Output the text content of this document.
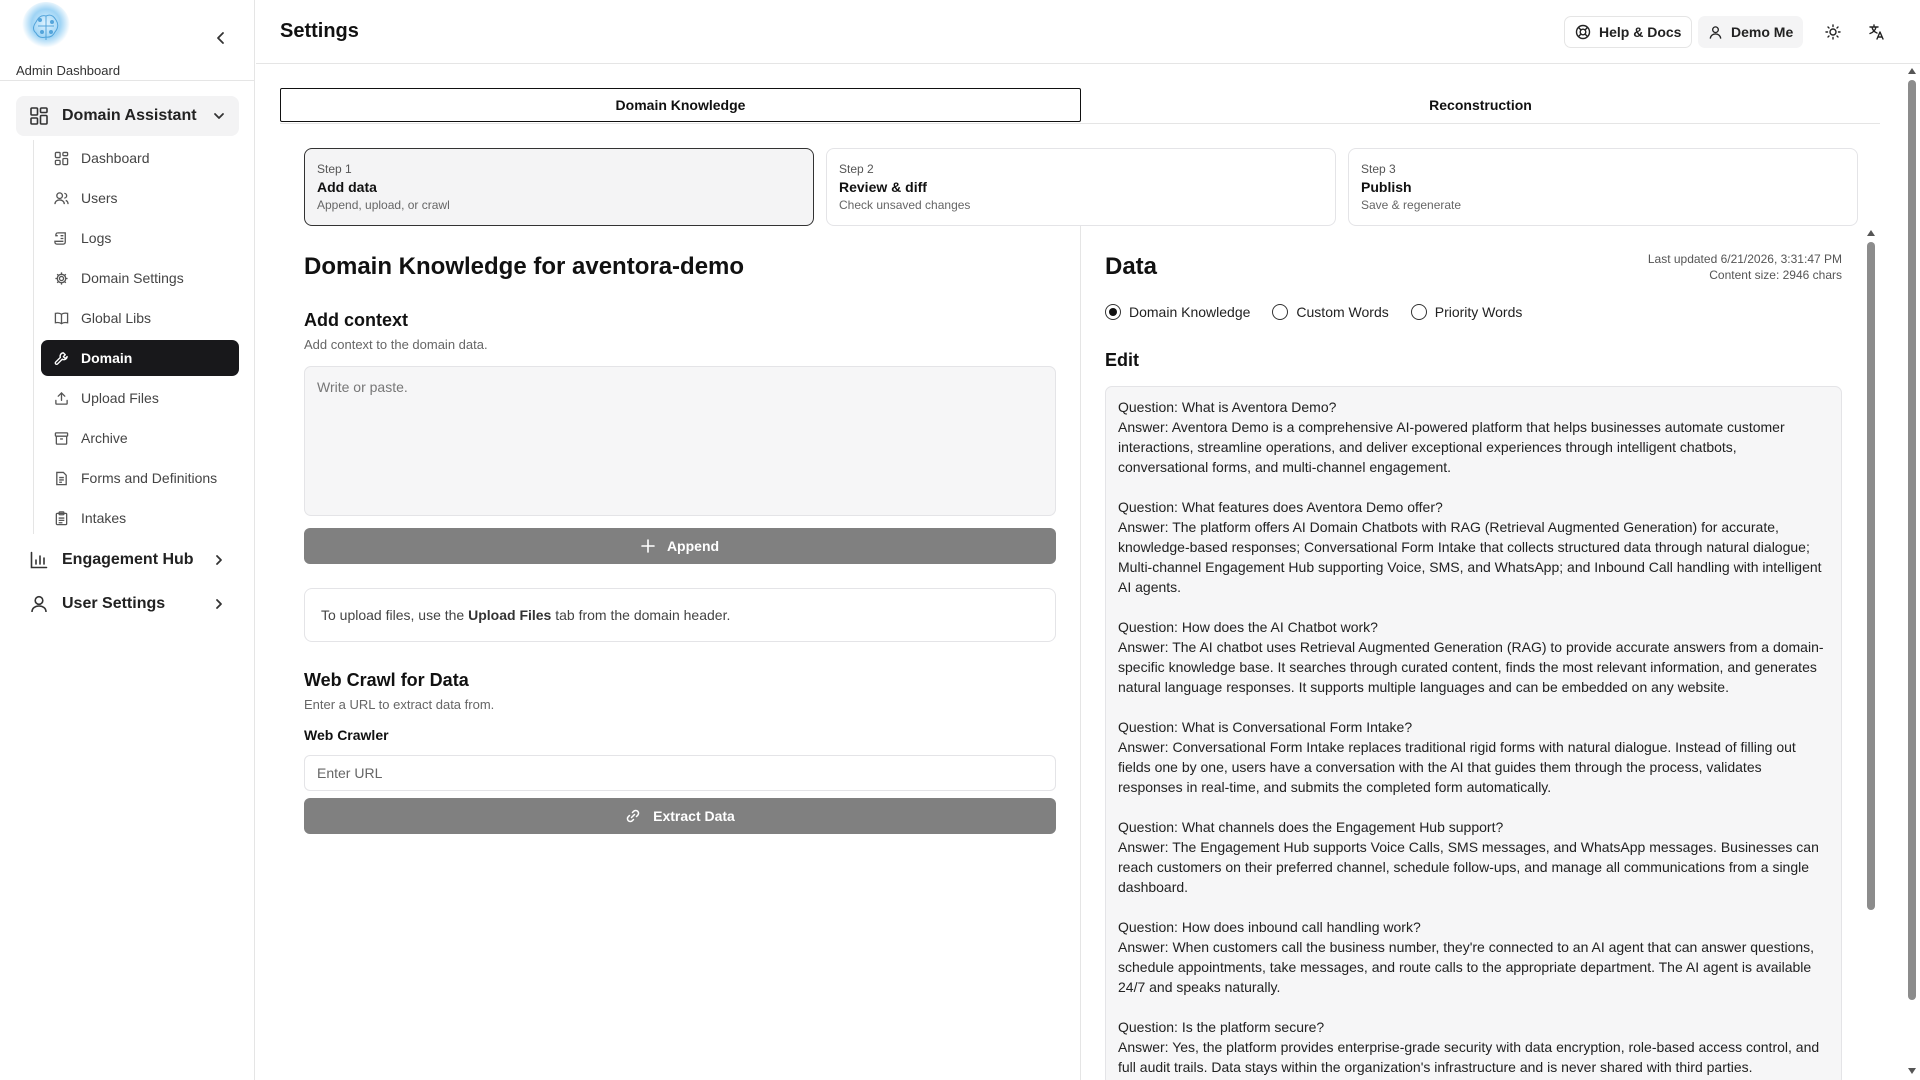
Admin Dashboard
Domain Assistant
Dashboard
Users
Logs
Domain Settings
Global Libs
Domain
Upload Files
Archive
Forms and Definitions
Intakes
Engagement Hub
User Settings
Settings	Help & Docs	Demo Me
Domain Knowledge	Reconstruction
Step 1
Add data
Append, upload, or crawl
Step 2
Review & diff
Check unsaved changes
Step 3
Publish
Save & regenerate
Domain Knowledge for aventora-demo
Add context
Add context to the domain data.
Write or paste.
Append
To upload files, use the Upload Files tab from the domain header.
Web Crawl for Data
Enter a URL to extract data from.
Web Crawler
Enter URL
Extract Data
Data	Last updated 6/21/2026, 3:31:47 PM
Content size: 2946 chars
Domain Knowledge	Custom Words	Priority Words
Edit
Question: What is Aventora Demo?
Answer: Aventora Demo is a comprehensive AI-powered platform that helps businesses automate customer interactions, streamline operations, and deliver exceptional experiences through intelligent chatbots, conversational forms, and multi-channel engagement.
Question: What features does Aventora Demo offer?
Answer: The platform offers AI Domain Chatbots with RAG (Retrieval Augmented Generation) for accurate, knowledge-based responses; Conversational Form Intake that collects structured data through natural dialogue; Multi-channel Engagement Hub supporting Voice, SMS, and WhatsApp; and Inbound Call handling with intelligent AI agents.
Question: How does the AI Chatbot work?
Answer: The AI chatbot uses Retrieval Augmented Generation (RAG) to provide accurate answers from a domain-specific knowledge base. It searches through curated content, finds the most relevant information, and generates natural language responses. It supports multiple languages and can be embedded on any website.
Question: What is Conversational Form Intake?
Answer: Conversational Form Intake replaces traditional rigid forms with natural dialogue. Instead of filling out fields one by one, users have a conversation with the AI that guides them through the process, validates responses in real-time, and submits the completed form automatically.
Question: What channels does the Engagement Hub support?
Answer: The Engagement Hub supports Voice Calls, SMS messages, and WhatsApp messages. Businesses can reach customers on their preferred channel, schedule follow-ups, and manage all communications from a single dashboard.
Question: How does inbound call handling work?
Answer: When customers call the business number, they're connected to an AI agent that can answer questions, schedule appointments, take messages, and route calls to the appropriate department. The AI agent is available 24/7 and speaks naturally.
Question: Is the platform secure?
Answer: Yes, the platform provides enterprise-grade security with data encryption, role-based access control, and full audit trails. Data stays within the organization's infrastructure and is never shared with third parties.
